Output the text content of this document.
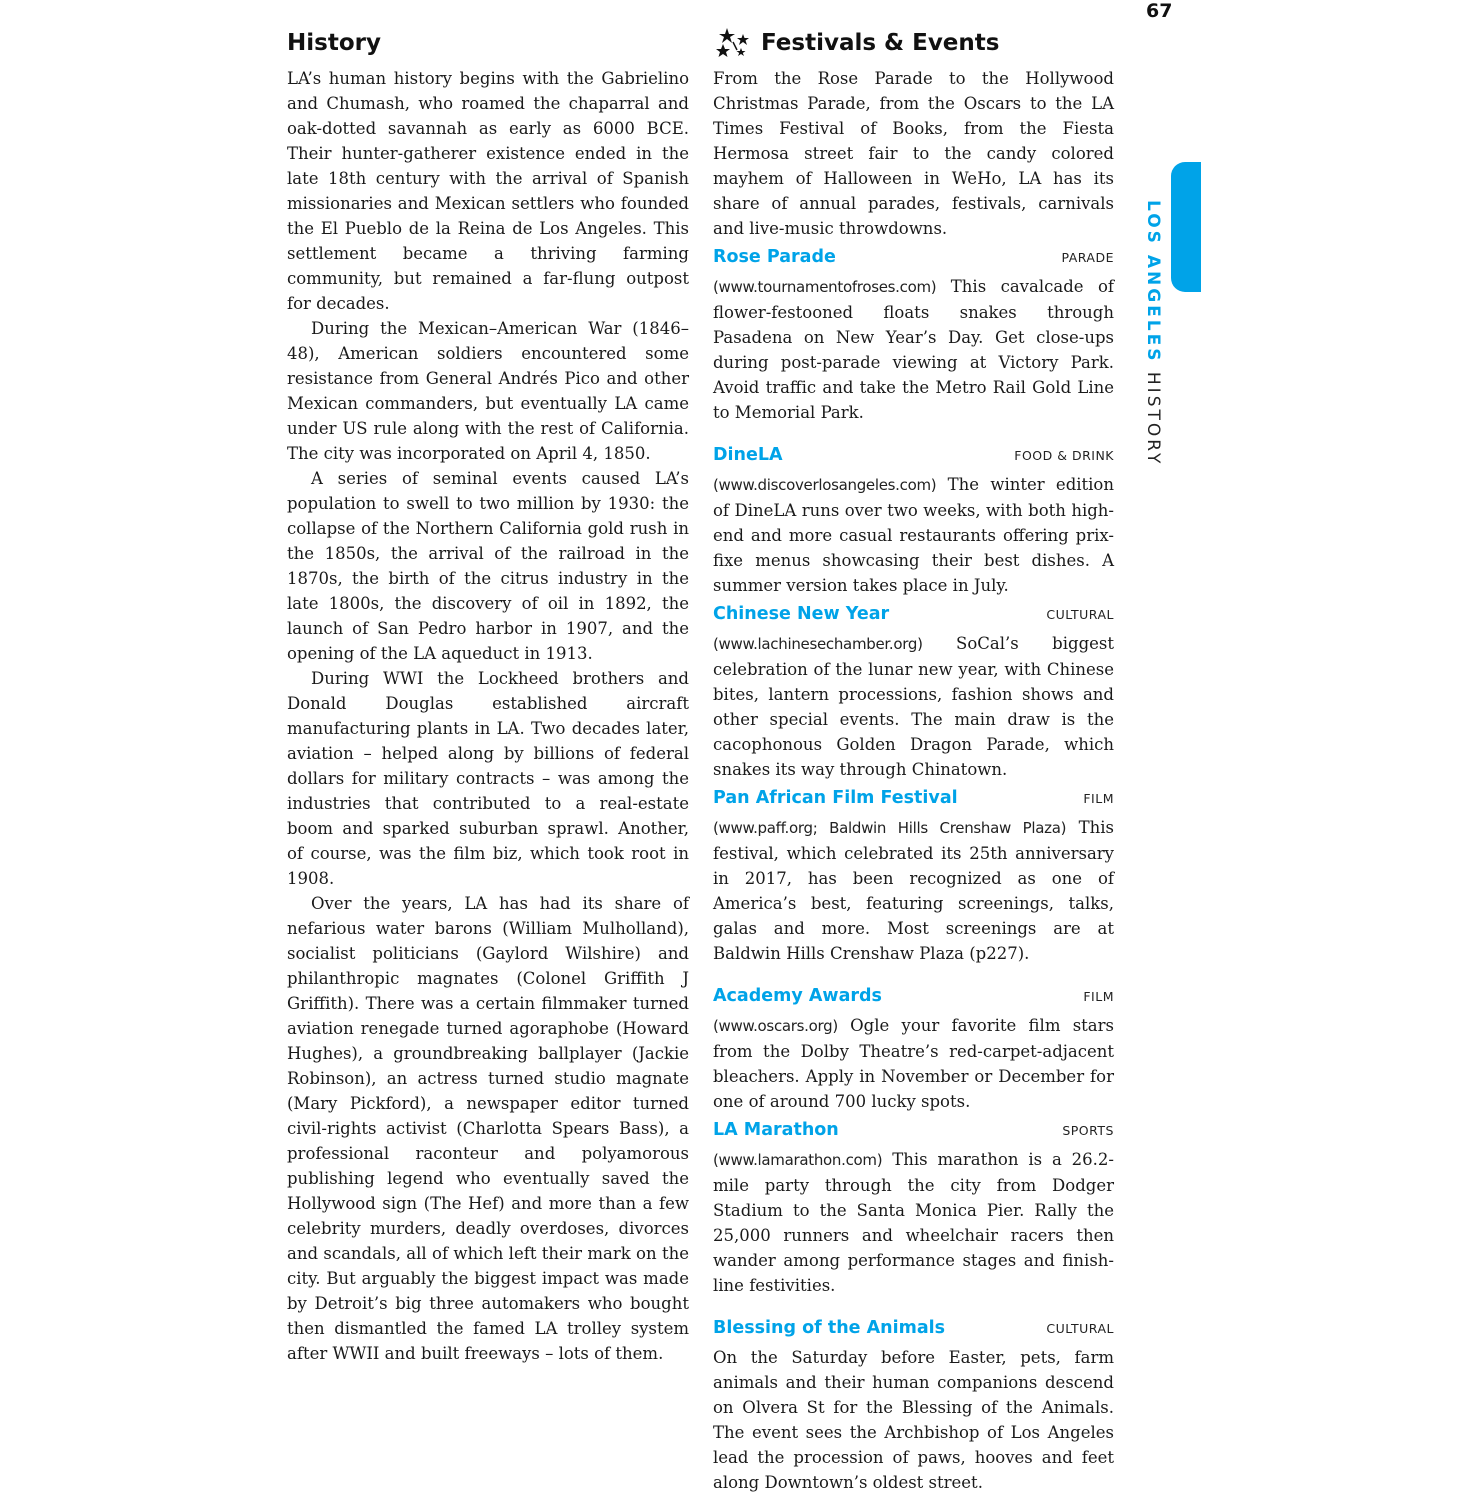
67
LOS ANGELES HISTORY
History

LA’s human history begins with the Gabrielino and Chumash, who roamed the chaparral and oak-dotted savannah as early as 6000 BCE. Their hunter-gatherer existence ended in the late 18th century with the arrival of Spanish missionaries and Mexican settlers who founded the El Pueblo de la Reina de Los Angeles. This settlement became a thriving farming community, but remained a far-flung outpost for decades.

During the Mexican–American War (1846–48), American soldiers encountered some resistance from General Andrés Pico and other Mexican commanders, but eventually LA came under US rule along with the rest of California. The city was incorporated on April 4, 1850.

A series of seminal events caused LA’s population to swell to two million by 1930: the collapse of the Northern California gold rush in the 1850s, the arrival of the railroad in the 1870s, the birth of the citrus industry in the late 1800s, the discovery of oil in 1892, the launch of San Pedro harbor in 1907, and the opening of the LA aqueduct in 1913.

During WWI the Lockheed brothers and Donald Douglas established aircraft manufacturing plants in LA. Two decades later, aviation – helped along by billions of federal dollars for military contracts – was among the industries that contributed to a real-estate boom and sparked suburban sprawl. Another, of course, was the film biz, which took root in 1908.

Over the years, LA has had its share of nefarious water barons (William Mulholland), socialist politicians (Gaylord Wilshire) and philanthropic magnates (Colonel Griffith J Griffith). There was a certain filmmaker turned aviation renegade turned agoraphobe (Howard Hughes), a groundbreaking ballplayer (Jackie Robinson), an actress turned studio magnate (Mary Pickford), a newspaper editor turned civil-rights activist (Charlotta Spears Bass), a professional raconteur and polyamorous publishing legend who eventually saved the Hollywood sign (The Hef) and more than a few celebrity murders, deadly overdoses, divorces and scandals, all of which left their mark on the city. But arguably the biggest impact was made by Detroit’s big three automakers who bought then dismantled the famed LA trolley system after WWII and built freeways – lots of them.

Festivals & Events

From the Rose Parade to the Hollywood Christmas Parade, from the Oscars to the LA Times Festival of Books, from the Fiesta Hermosa street fair to the candy colored mayhem of Halloween in WeHo, LA has its share of annual parades, festivals, carnivals and live-music throwdowns.

Rose Parade	PARADE

(www.tournamentofroses.com) This cavalcade of flower-festooned floats snakes through Pasadena on New Year’s Day. Get close-ups during post-parade viewing at Victory Park. Avoid traffic and take the Metro Rail Gold Line to Memorial Park.

DineLA	FOOD & DRINK

(www.discoverlosangeles.com) The winter edition of DineLA runs over two weeks, with both high-end and more casual restaurants offering prix-fixe menus showcasing their best dishes. A summer version takes place in July.

Chinese New Year	CULTURAL

(www.lachinesechamber.org) SoCal’s biggest celebration of the lunar new year, with Chinese bites, lantern processions, fashion shows and other special events. The main draw is the cacophonous Golden Dragon Parade, which snakes its way through Chinatown.

Pan African Film Festival	FILM

(www.paff.org; Baldwin Hills Crenshaw Plaza) This festival, which celebrated its 25th anniversary in 2017, has been recognized as one of America’s best, featuring screenings, talks, galas and more. Most screenings are at Baldwin Hills Crenshaw Plaza (p227).

Academy Awards	FILM

(www.oscars.org) Ogle your favorite film stars from the Dolby Theatre’s red-carpet-adjacent bleachers. Apply in November or December for one of around 700 lucky spots.

LA Marathon	SPORTS

(www.lamarathon.com) This marathon is a 26.2-mile party through the city from Dodger Stadium to the Santa Monica Pier. Rally the 25,000 runners and wheelchair racers then wander among performance stages and finish-line festivities.

Blessing of the Animals	CULTURAL

On the Saturday before Easter, pets, farm animals and their human companions descend on Olvera St for the Blessing of the Animals. The event sees the Archbishop of Los Angeles lead the procession of paws, hooves and feet along Downtown’s oldest street.
